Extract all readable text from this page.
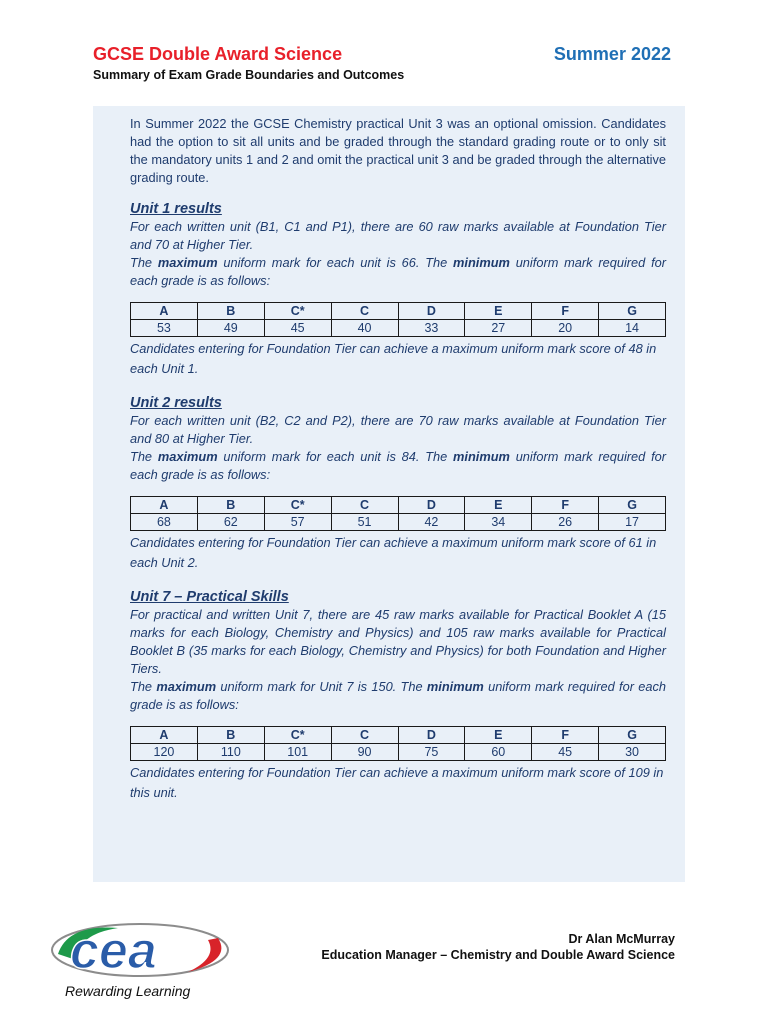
GCSE Double Award Science	Summer 2022
Summary of Exam Grade Boundaries and Outcomes

In Summer 2022 the GCSE Chemistry practical Unit 3 was an optional omission. Candidates had the option to sit all units and be graded through the standard grading route or to only sit the mandatory units 1 and 2 and omit the practical unit 3 and be graded through the alternative grading route.

Unit 1 results

For each written unit (B1, C1 and P1), there are 60 raw marks available at Foundation Tier and 70 at Higher Tier.

The maximum uniform mark for each unit is 66. The minimum uniform mark required for each grade is as follows:

A	B	C*	C	D	E	F	G
53	49	45	40	33	27	20	14

Candidates entering for Foundation Tier can achieve a maximum uniform mark score of 48 in each Unit 1.

Unit 2 results

For each written unit (B2, C2 and P2), there are 70 raw marks available at Foundation Tier and 80 at Higher Tier.

The maximum uniform mark for each unit is 84. The minimum uniform mark required for each grade is as follows:

A	B	C*	C	D	E	F	G
68	62	57	51	42	34	26	17

Candidates entering for Foundation Tier can achieve a maximum uniform mark score of 61 in each Unit 2.

Unit 7 – Practical Skills

For practical and written Unit 7, there are 45 raw marks available for Practical Booklet A (15 marks for each Biology, Chemistry and Physics) and 105 raw marks available for Practical Booklet B (35 marks for each Biology, Chemistry and Physics) for both Foundation and Higher Tiers.

The maximum uniform mark for Unit 7 is 150. The minimum uniform mark required for each grade is as follows:

A	B	C*	C	D	E	F	G
120	110	101	90	75	60	45	30

Candidates entering for Foundation Tier can achieve a maximum uniform mark score of 109 in this unit.

cea
Rewarding Learning
Dr Alan McMurray
Education Manager – Chemistry and Double Award Science
